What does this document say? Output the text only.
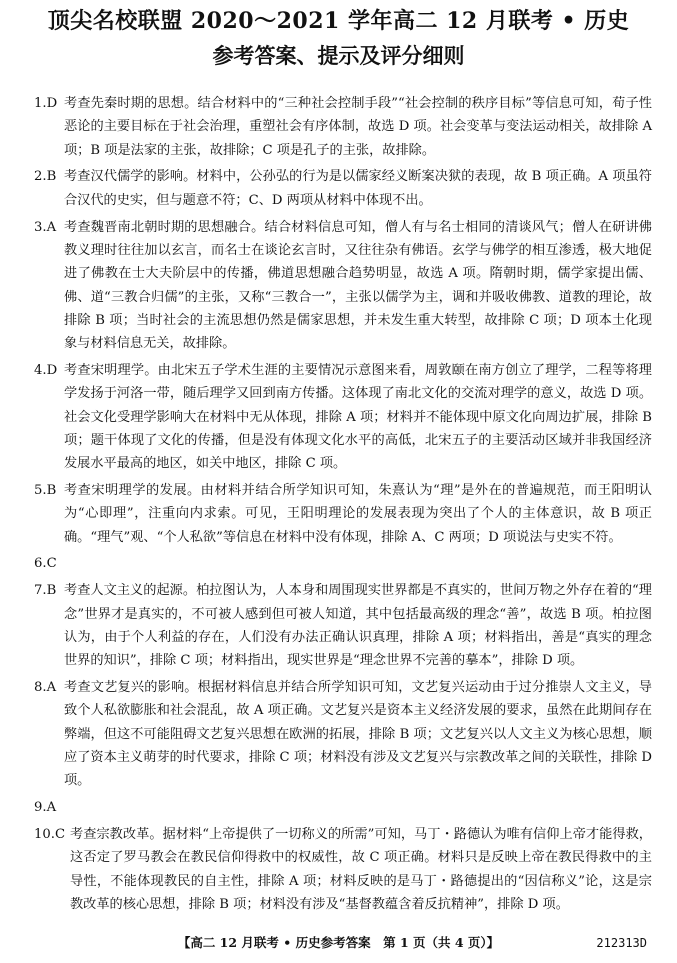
顶尖名校联盟 2020～2021 学年高二 12 月联考 • 历史
参考答案、提示及评分细则
1.D 考查先秦时期的思想。结合材料中的“三种社会控制手段”“社会控制的秩序目标”等信息可知，荀子性恶论的主要目标在于社会治理，重塑社会有序体制，故选 D 项。社会变革与变法运动相关，故排除 A 项；B 项是法家的主张，故排除；C 项是孔子的主张，故排除。
2.B 考查汉代儒学的影响。材料中，公孙弘的行为是以儒家经义断案决狱的表现，故 B 项正确。A 项虽符合汉代的史实，但与题意不符；C、D 两项从材料中体现不出。
3.A 考查魏晋南北朝时期的思想融合。结合材料信息可知，僧人有与名士相同的清谈风气；僧人在研讲佛教义理时往往加以玄言，而名士在谈论玄言时，又往往杂有佛语。玄学与佛学的相互渗透，极大地促进了佛教在士大夫阶层中的传播，佛道思想融合趋势明显，故选 A 项。隋朝时期，儒学家提出儒、佛、道“三教合归儒”的主张，又称“三教合一”，主张以儒学为主，调和并吸收佛教、道教的理论，故排除 B 项；当时社会的主流思想仍然是儒家思想，并未发生重大转型，故排除 C 项；D 项本土化现象与材料信息无关，故排除。
4.D 考查宋明理学。由北宋五子学术生涯的主要情况示意图来看，周敦颐在南方创立了理学，二程等将理学发扬于河洛一带，随后理学又回到南方传播。这体现了南北文化的交流对理学的意义，故选 D 项。社会文化受理学影响大在材料中无从体现，排除 A 项；材料并不能体现中原文化向周边扩展，排除 B 项；题干体现了文化的传播，但是没有体现文化水平的高低，北宋五子的主要活动区域并非我国经济发展水平最高的地区，如关中地区，排除 C 项。
5.B 考查宋明理学的发展。由材料并结合所学知识可知，朱熹认为“理”是外在的普遍规范，而王阳明认为“心即理”，注重向内求索。可见，王阳明理论的发展表现为突出了个人的主体意识，故 B 项正确。“理气”观、“个人私欲”等信息在材料中没有体现，排除 A、C 两项；D 项说法与史实不符。
6.C
7.B 考查人文主义的起源。柏拉图认为，人本身和周围现实世界都是不真实的，世间万物之外存在着的“理念”世界才是真实的，不可被人感到但可被人知道，其中包括最高级的理念“善”，故选 B 项。柏拉图认为，由于个人利益的存在，人们没有办法正确认识真理，排除 A 项；材料指出，善是“真实的理念世界的知识”，排除 C 项；材料指出，现实世界是“理念世界不完善的摹本”，排除 D 项。
8.A 考查文艺复兴的影响。根据材料信息并结合所学知识可知，文艺复兴运动由于过分推崇人文主义，导致个人私欲膨胀和社会混乱，故 A 项正确。文艺复兴是资本主义经济发展的要求，虽然在此期间存在弊端，但这不可能阻碍文艺复兴思想在欧洲的拓展，排除 B 项；文艺复兴以人文主义为核心思想，顺应了资本主义萌芽的时代要求，排除 C 项；材料没有涉及文艺复兴与宗教改革之间的关联性，排除 D 项。
9.A
10.C 考查宗教改革。据材料“上帝提供了一切称义的所需”可知，马丁・路德认为唯有信仰上帝才能得救，这否定了罗马教会在教民信仰得救中的权威性，故 C 项正确。材料只是反映上帝在教民得救中的主导性，不能体现教民的自主性，排除 A 项；材料反映的是马丁・路德提出的“因信称义”论，这是宗教改革的核心思想，排除 B 项；材料没有涉及“基督教蕴含着反抗精神”，排除 D 项。
【高二 12 月联考 • 历史参考答案　第 1 页（共 4 页）】	212313D
